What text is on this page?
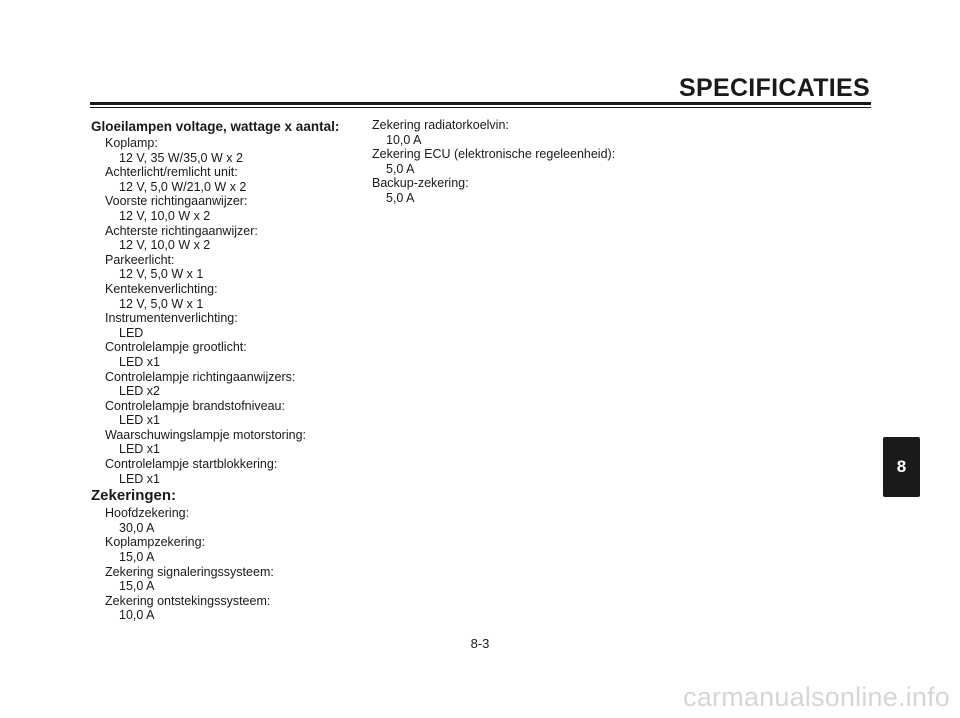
SPECIFICATIES

Gloeilampen voltage, wattage x aantal:

Koplamp:

12 V, 35 W/35,0 W x 2

Achterlicht/remlicht unit:

12 V, 5,0 W/21,0 W x 2

Voorste richtingaanwijzer:

12 V, 10,0 W x 2

Achterste richtingaanwijzer:

12 V, 10,0 W x 2

Parkeerlicht:

12 V, 5,0 W x 1

Kentekenverlichting:

12 V, 5,0 W x 1

Instrumentenverlichting:

LED

Controlelampje grootlicht:

LED x1

Controlelampje richtingaanwijzers:

LED x2

Controlelampje brandstofniveau:

LED x1

Waarschuwingslampje motorstoring:

LED x1

Controlelampje startblokkering:

LED x1

Zekeringen:

Hoofdzekering:

30,0 A

Koplampzekering:

15,0 A

Zekering signaleringssysteem:

15,0 A

Zekering ontstekingssysteem:

10,0 A

Zekering radiatorkoelvin:

10,0 A

Zekering ECU (elektronische regeleenheid):

5,0 A

Backup-zekering:

5,0 A

8-3
8
carmanualsonline.info
